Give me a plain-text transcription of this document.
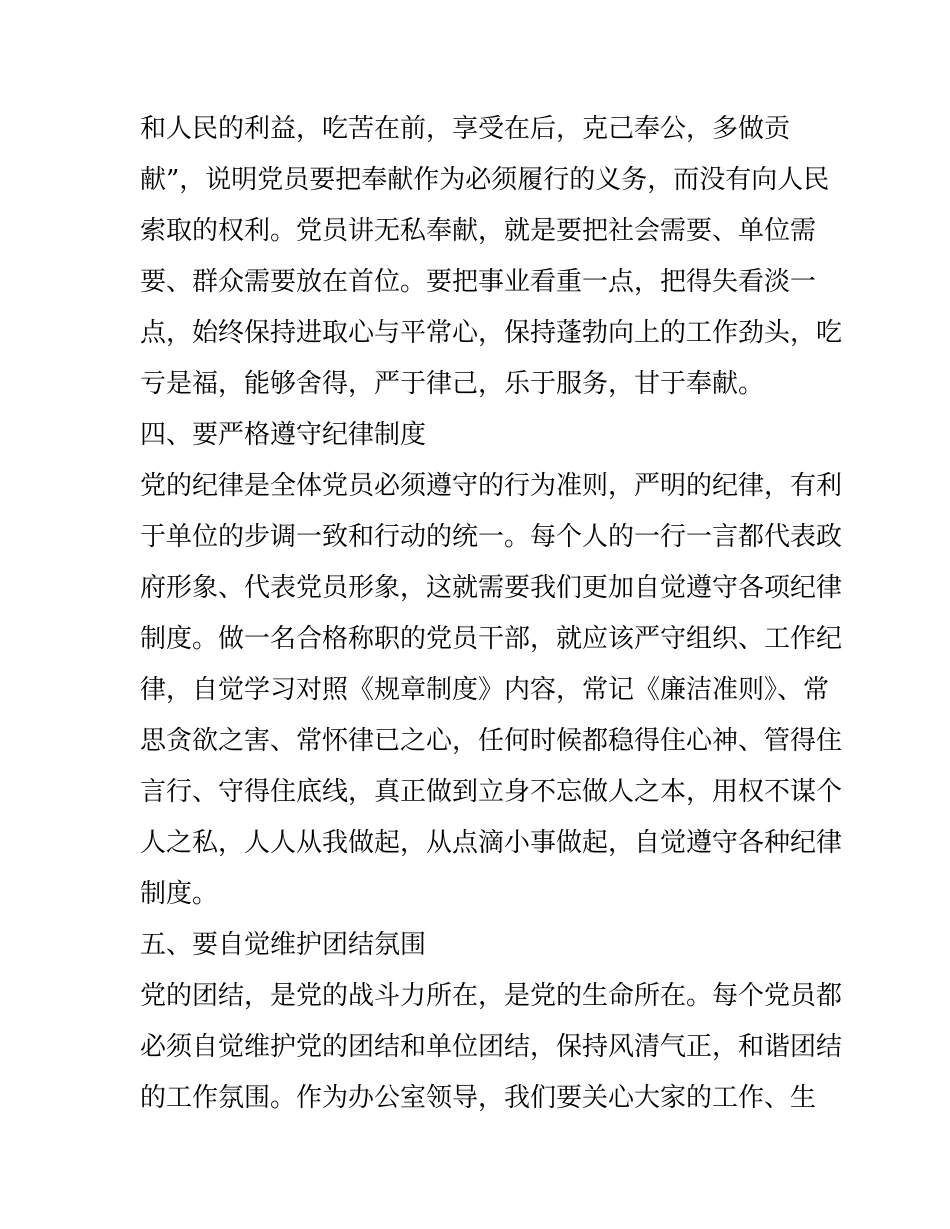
和人民的利益，吃苦在前，享受在后，克己奉公，多做贡
献”，说明党员要把奉献作为必须履行的义务，而没有向人民
索取的权利。党员讲无私奉献，就是要把社会需要、单位需
要、群众需要放在首位。要把事业看重一点，把得失看淡一
点，始终保持进取心与平常心，保持蓬勃向上的工作劲头，吃
亏是福，能够舍得，严于律己，乐于服务，甘于奉献。
四、要严格遵守纪律制度
党的纪律是全体党员必须遵守的行为准则，严明的纪律，有利
于单位的步调一致和行动的统一。每个人的一行一言都代表政
府形象、代表党员形象，这就需要我们更加自觉遵守各项纪律
制度。做一名合格称职的党员干部，就应该严守组织、工作纪
律，自觉学习对照《规章制度》内容，常记《廉洁准则》、常
思贪欲之害、常怀律已之心，任何时候都稳得住心神、管得住
言行、守得住底线，真正做到立身不忘做人之本，用权不谋个
人之私，人人从我做起，从点滴小事做起，自觉遵守各种纪律
制度。
五、要自觉维护团结氛围
党的团结，是党的战斗力所在，是党的生命所在。每个党员都
必须自觉维护党的团结和单位团结，保持风清气正，和谐团结
的工作氛围。作为办公室领导，我们要关心大家的工作、生
